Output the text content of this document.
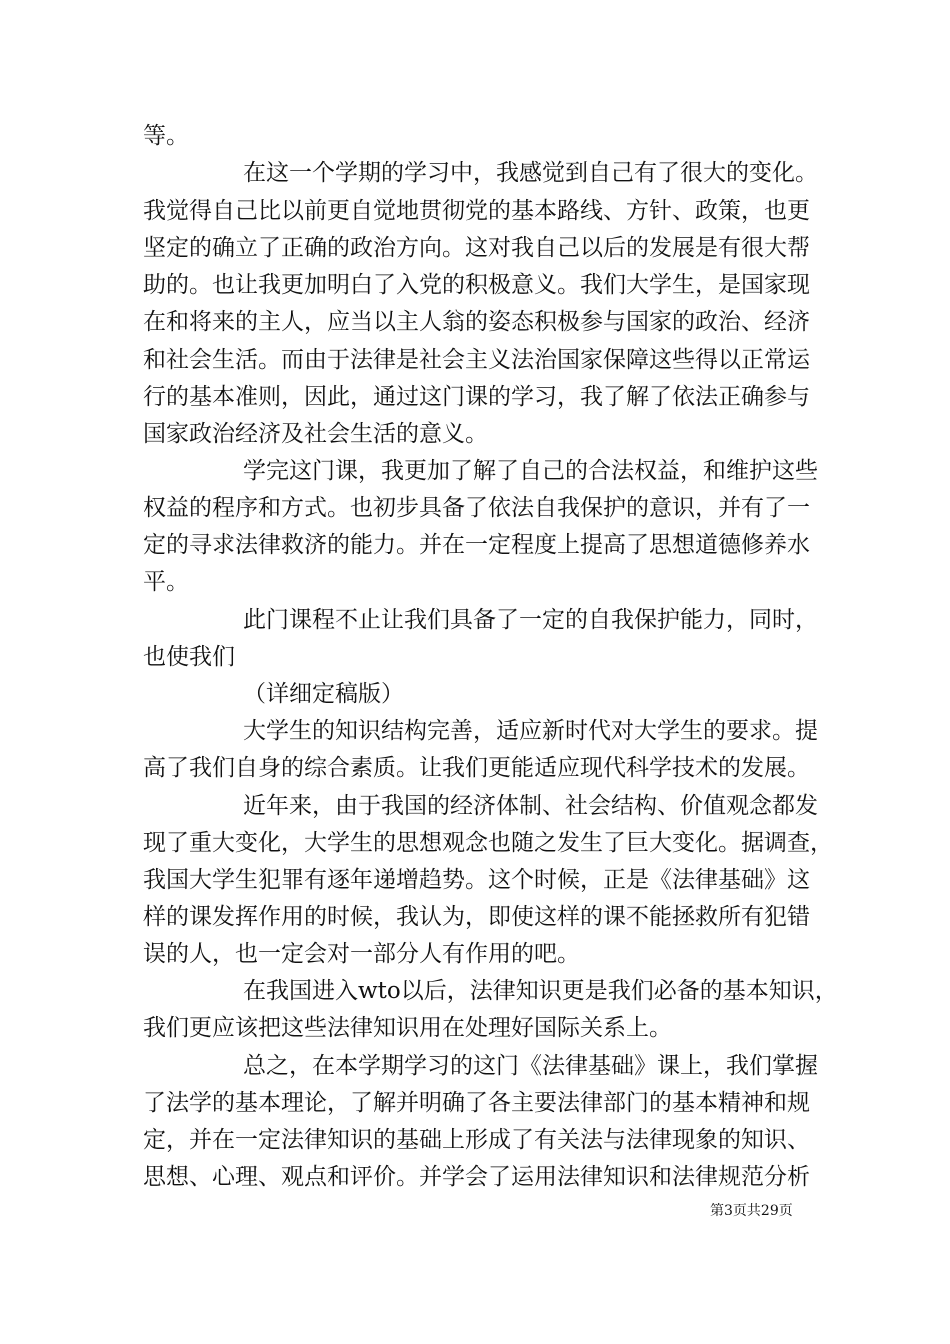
等。
在这一个学期的学习中，我感觉到自己有了很大的变化。
我觉得自己比以前更自觉地贯彻党的基本路线、方针、政策，也更
坚定的确立了正确的政治方向。这对我自己以后的发展是有很大帮
助的。也让我更加明白了入党的积极意义。我们大学生，是国家现
在和将来的主人，应当以主人翁的姿态积极参与国家的政治、经济
和社会生活。而由于法律是社会主义法治国家保障这些得以正常运
行的基本准则，因此，通过这门课的学习，我了解了依法正确参与
国家政治经济及社会生活的意义。
学完这门课，我更加了解了自己的合法权益，和维护这些
权益的程序和方式。也初步具备了依法自我保护的意识，并有了一
定的寻求法律救济的能力。并在一定程度上提高了思想道德修养水
平。
此门课程不止让我们具备了一定的自我保护能力，同时，
也使我们
（详细定稿版）
大学生的知识结构完善，适应新时代对大学生的要求。提
高了我们自身的综合素质。让我们更能适应现代科学技术的发展。
近年来，由于我国的经济体制、社会结构、价值观念都发
现了重大变化，大学生的思想观念也随之发生了巨大变化。据调查，
我国大学生犯罪有逐年递增趋势。这个时候，正是《法律基础》这
样的课发挥作用的时候，我认为，即使这样的课不能拯救所有犯错
误的人，也一定会对一部分人有作用的吧。
在我国进入wto以后，法律知识更是我们必备的基本知识，
我们更应该把这些法律知识用在处理好国际关系上。
总之，在本学期学习的这门《法律基础》课上，我们掌握
了法学的基本理论，了解并明确了各主要法律部门的基本精神和规
定，并在一定法律知识的基础上形成了有关法与法律现象的知识、
思想、心理、观点和评价。并学会了运用法律知识和法律规范分析
第3页共29页
